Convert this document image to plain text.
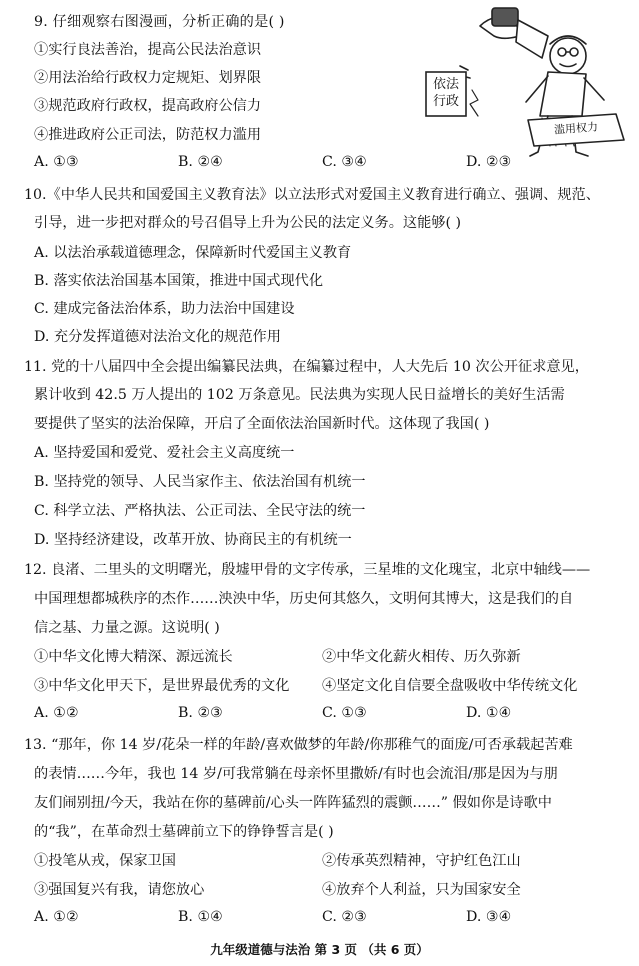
9. 仔细观察右图漫画，分析正确的是( )
①实行良法善治，提高公民法治意识
②用法治给行政权力定规矩、划界限
③规范政府行政权，提高政府公信力
④推进政府公正司法，防范权力滥用
A. ①③	B. ②④	C. ③④	D. ②③
依法行政
滥用权力
10.《中华人民共和国爱国主义教育法》以立法形式对爱国主义教育进行确立、强调、规范、
引导，进一步把对群众的号召倡导上升为公民的法定义务。这能够( )
A. 以法治承载道德理念，保障新时代爱国主义教育
B. 落实依法治国基本国策，推进中国式现代化
C. 建成完备法治体系，助力法治中国建设
D. 充分发挥道德对法治文化的规范作用
11. 党的十八届四中全会提出编纂民法典，在编纂过程中，人大先后 10 次公开征求意见，
累计收到 42.5 万人提出的 102 万条意见。民法典为实现人民日益增长的美好生活需
要提供了坚实的法治保障，开启了全面依法治国新时代。这体现了我国( )
A. 坚持爱国和爱党、爱社会主义高度统一
B. 坚持党的领导、人民当家作主、依法治国有机统一
C. 科学立法、严格执法、公正司法、全民守法的统一
D. 坚持经济建设，改革开放、协商民主的有机统一
12. 良渚、二里头的文明曙光，殷墟甲骨的文字传承，三星堆的文化瑰宝，北京中轴线——
中国理想都城秩序的杰作……泱泱中华，历史何其悠久，文明何其博大，这是我们的自
信之基、力量之源。这说明( )
①中华文化博大精深、源远流长	②中华文化薪火相传、历久弥新
③中华文化甲天下，是世界最优秀的文化 ④坚定文化自信要全盘吸收中华传统文化
A. ①②	B. ②③	C. ①③	D. ①④
13. “那年，你 14 岁/花朵一样的年龄/喜欢做梦的年龄/你那稚气的面庞/可否承载起苦难
的表情……今年，我也 14 岁/可我常躺在母亲怀里撒娇/有时也会流泪/那是因为与朋
友们闹别扭/今天，我站在你的墓碑前/心头一阵阵猛烈的震颤……” 假如你是诗歌中
的“我”，在革命烈士墓碑前立下的铮铮誓言是( )
①投笔从戎，保家卫国	②传承英烈精神，守护红色江山
③强国复兴有我，请您放心	④放弃个人利益，只为国家安全
A. ①②	B. ①④	C. ②③	D. ③④
九年级道德与法治 第 3 页 （共 6 页）
